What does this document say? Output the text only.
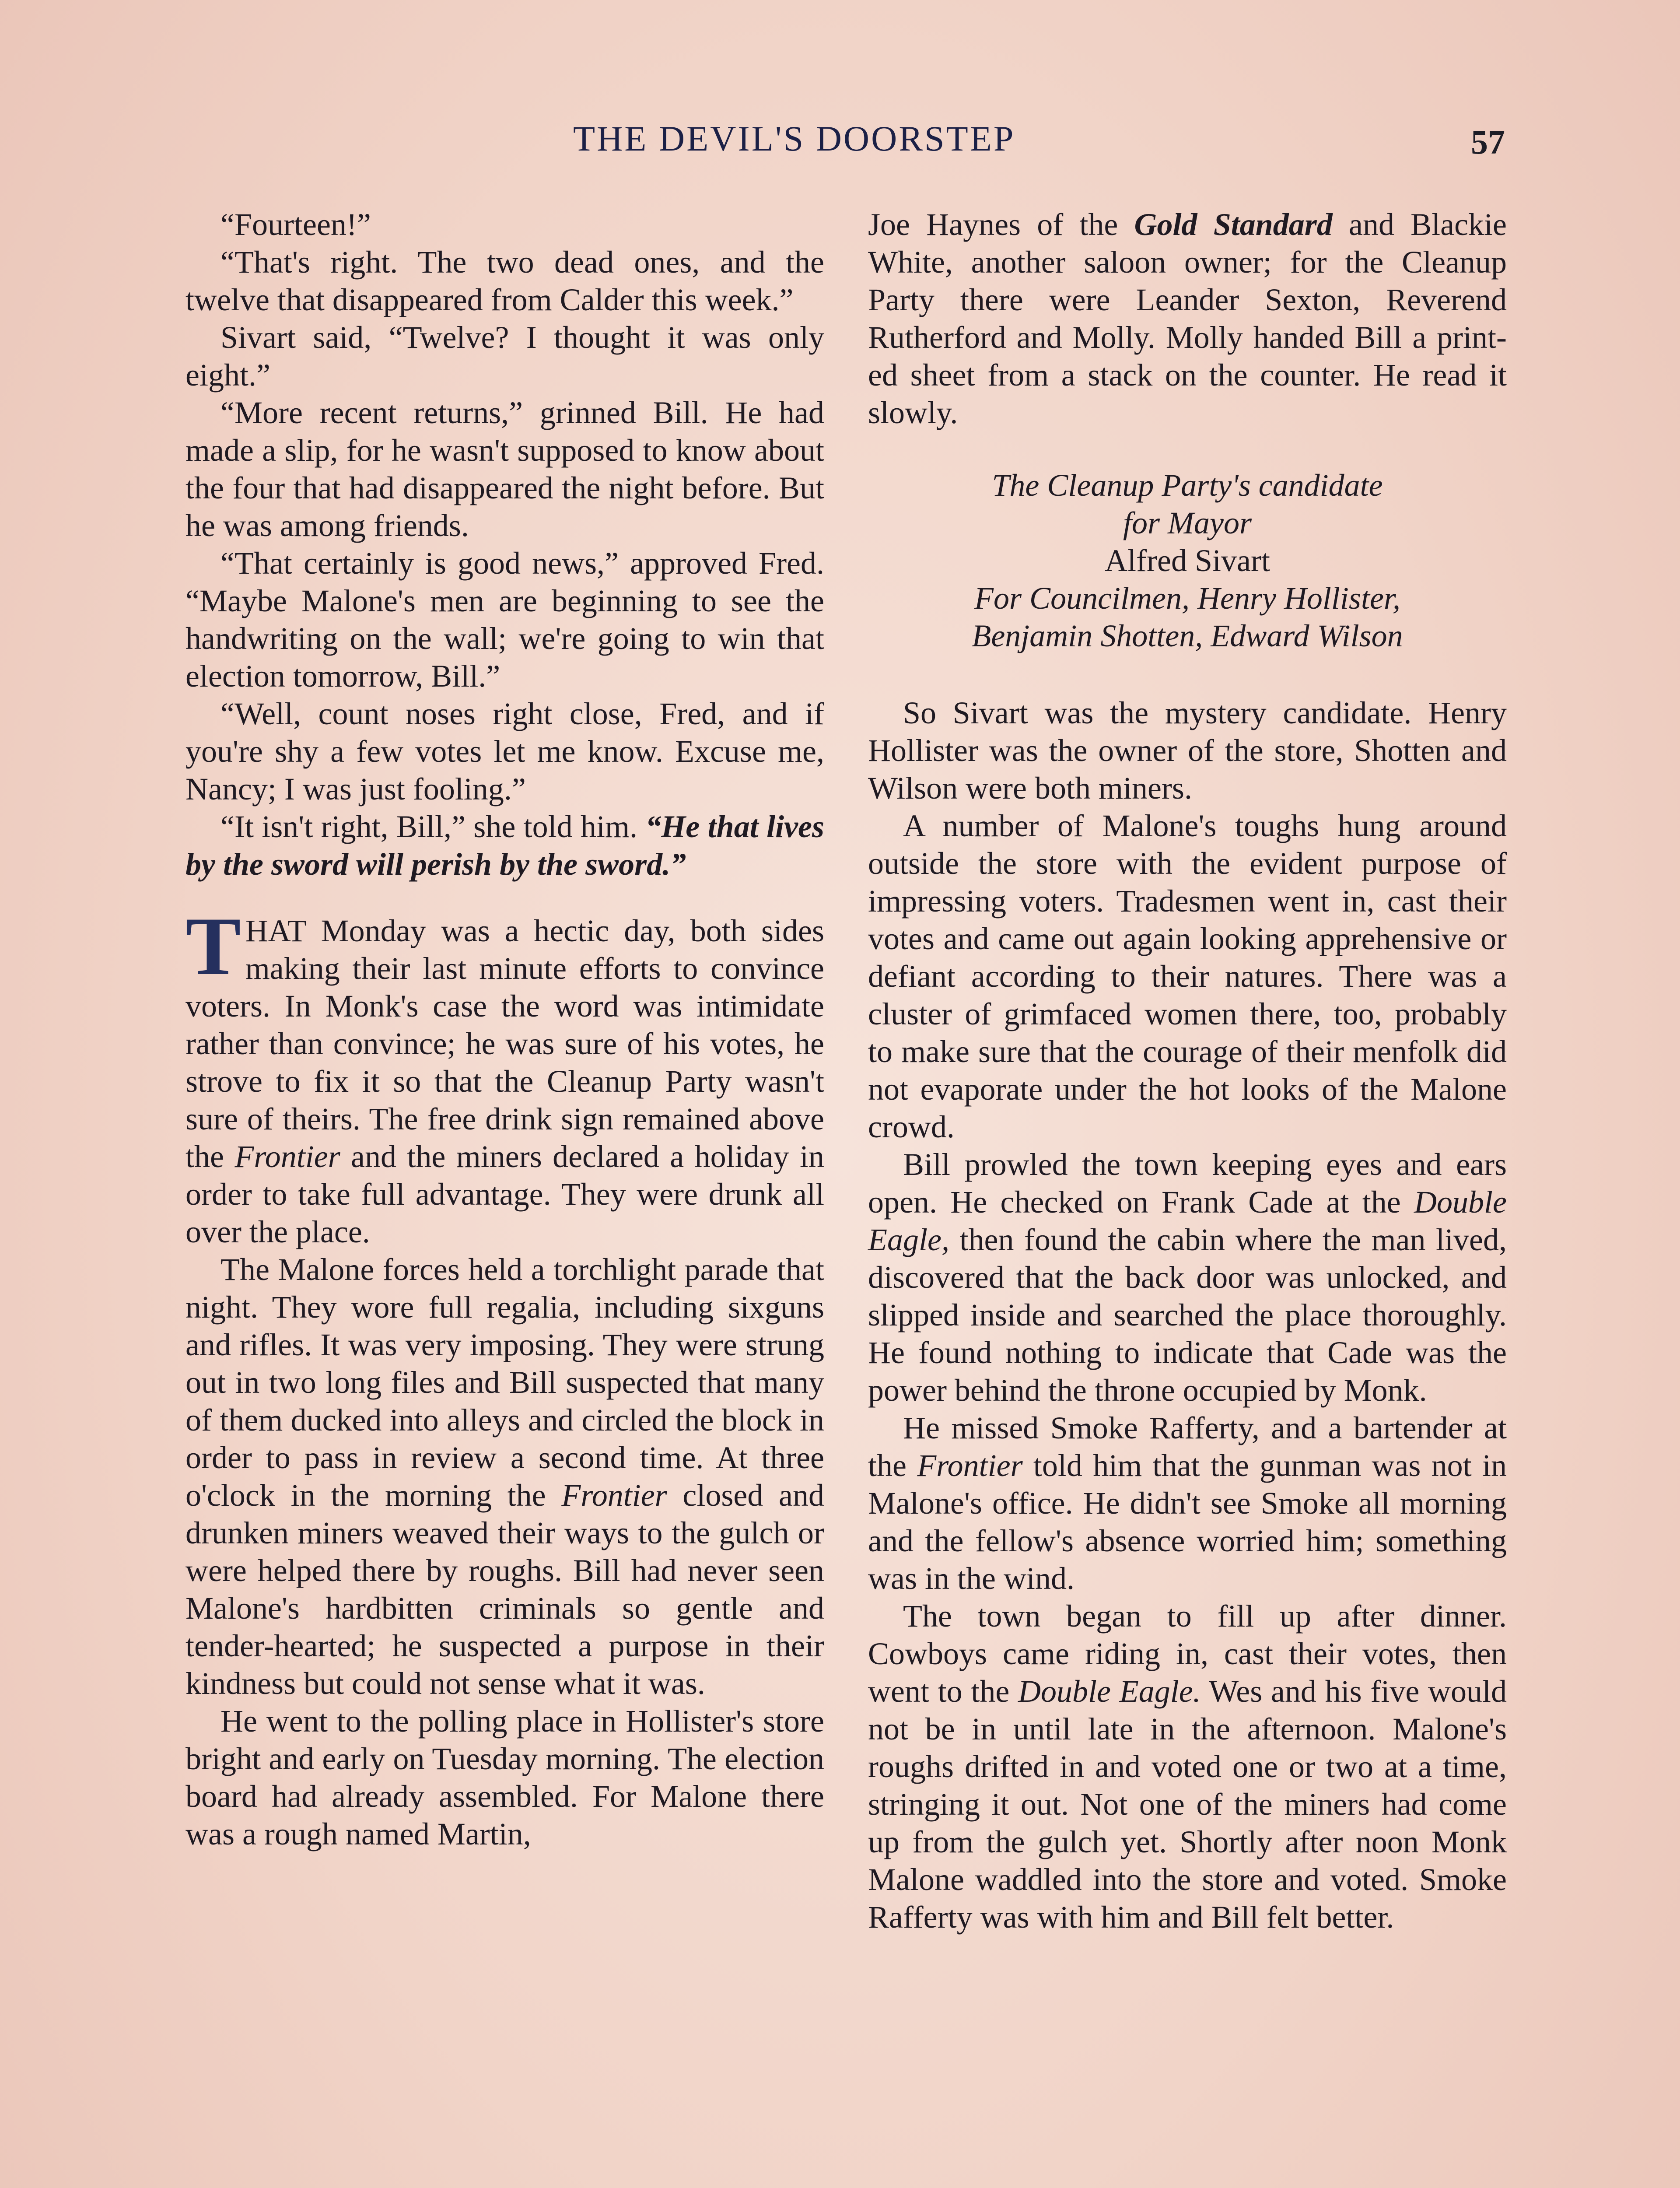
THE DEVIL'S DOORSTEP	57

“Fourteen!”

“That's right. The two dead ones, and the twelve that disappeared from Calder this week.”

Sivart said, “Twelve? I thought it was only eight.”

“More recent returns,” grinned Bill. He had made a slip, for he wasn't supposed to know about the four that had disappeared the night before. But he was among friends.

“That certainly is good news,” approved Fred. “Maybe Malone's men are beginning to see the handwriting on the wall; we're going to win that election tomorrow, Bill.”

“Well, count noses right close, Fred, and if you're shy a few votes let me know. Excuse me, Nancy; I was just fooling.”

“It isn't right, Bill,” she told him. “He that lives by the sword will perish by the sword.”

THAT Monday was a hectic day, both sides making their last minute efforts to convince voters. In Monk's case the word was intimidate rather than convince; he was sure of his votes, he strove to fix it so that the Cleanup Party wasn't sure of theirs. The free drink sign remained above the Frontier and the miners declared a holiday in order to take full advantage. They were drunk all over the place.

The Malone forces held a torchlight parade that night. They wore full regalia, including sixguns and rifles. It was very imposing. They were strung out in two long files and Bill suspected that many of them ducked into alleys and circled the block in order to pass in review a second time. At three o'clock in the morning the Frontier closed and drunken miners weaved their ways to the gulch or were helped there by roughs. Bill had never seen Malone's hardbitten criminals so gentle and tender-hearted; he suspected a purpose in their kindness but could not sense what it was.

He went to the polling place in Hollister's store bright and early on Tuesday morning. The election board had already assembled. For Malone there was a rough named Martin,

Joe Haynes of the Gold Standard and Blackie White, another saloon owner; for the Cleanup Party there were Leander Sexton, Reverend Rutherford and Molly. Molly handed Bill a printed sheet from a stack on the counter. He read it slowly.

The Cleanup Party's candidate
for Mayor
Alfred Sivart
For Councilmen, Henry Hollister,
Benjamin Shotten, Edward Wilson

So Sivart was the mystery candidate. Henry Hollister was the owner of the store, Shotten and Wilson were both miners.

A number of Malone's toughs hung around outside the store with the evident purpose of impressing voters. Tradesmen went in, cast their votes and came out again looking apprehensive or defiant according to their natures. There was a cluster of grimfaced women there, too, probably to make sure that the courage of their menfolk did not evaporate under the hot looks of the Malone crowd.

Bill prowled the town keeping eyes and ears open. He checked on Frank Cade at the Double Eagle, then found the cabin where the man lived, discovered that the back door was unlocked, and slipped inside and searched the place thoroughly. He found nothing to indicate that Cade was the power behind the throne occupied by Monk.

He missed Smoke Rafferty, and a bartender at the Frontier told him that the gunman was not in Malone's office. He didn't see Smoke all morning and the fellow's absence worried him; something was in the wind.

The town began to fill up after dinner. Cowboys came riding in, cast their votes, then went to the Double Eagle. Wes and his five would not be in until late in the afternoon. Malone's roughs drifted in and voted one or two at a time, stringing it out. Not one of the miners had come up from the gulch yet. Shortly after noon Monk Malone waddled into the store and voted. Smoke Rafferty was with him and Bill felt better.
